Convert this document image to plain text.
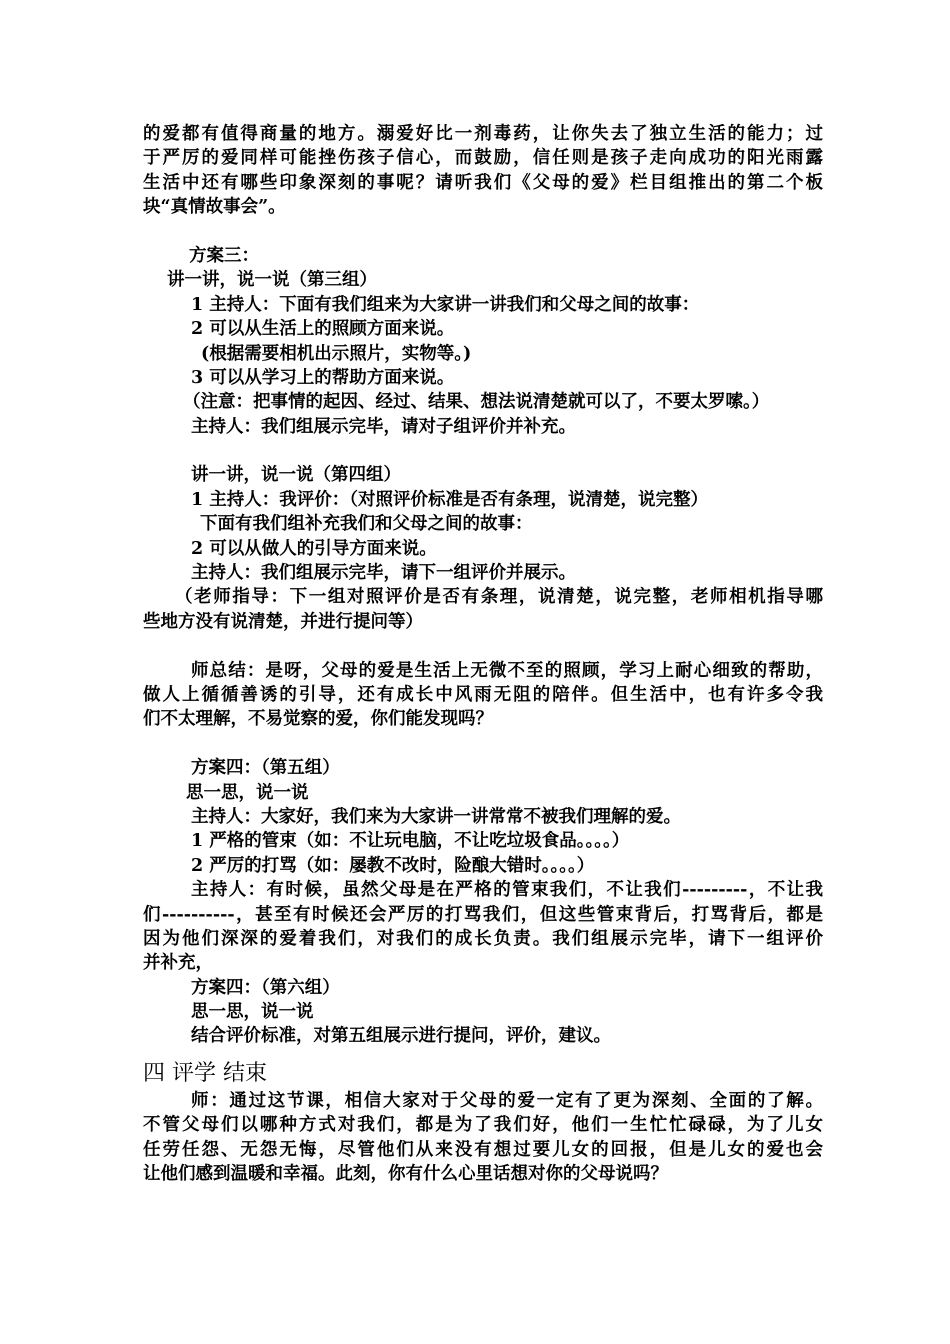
的爱都有值得商量的地方。溺爱好比一剂毒药，让你失去了独立生活的能力；过
于严厉的爱同样可能挫伤孩子信心，而鼓励，信任则是孩子走向成功的阳光雨露
生活中还有哪些印象深刻的事呢？请听我们《父母的爱》栏目组推出的第二个板
块“真情故事会”。
方案三：
讲一讲，说一说（第三组）
1 主持人：下面有我们组来为大家讲一讲我们和父母之间的故事：
2 可以从生活上的照顾方面来说。
(根据需要相机出示照片，实物等。)
3 可以从学习上的帮助方面来说。
（注意：把事情的起因、经过、结果、想法说清楚就可以了，不要太罗嗦。）
主持人：我们组展示完毕，请对子组评价并补充。
讲一讲，说一说（第四组）
1 主持人：我评价：（对照评价标准是否有条理，说清楚，说完整）
下面有我们组补充我们和父母之间的故事：
2 可以从做人的引导方面来说。
主持人：我们组展示完毕，请下一组评价并展示。
（老师指导：下一组对照评价是否有条理，说清楚，说完整，老师相机指导哪
些地方没有说清楚，并进行提问等）
师总结：是呀，父母的爱是生活上无微不至的照顾，学习上耐心细致的帮助，
做人上循循善诱的引导，还有成长中风雨无阻的陪伴。但生活中，也有许多令我
们不太理解，不易觉察的爱，你们能发现吗？
方案四：（第五组）
思一思，说一说
主持人：大家好，我们来为大家讲一讲常常不被我们理解的爱。
1 严格的管束（如：不让玩电脑，不让吃垃圾食品。。。。）
2 严厉的打骂（如：屡教不改时，险酿大错时。。。。）
主持人：有时候，虽然父母是在严格的管束我们，不让我们---------，不让我
们----------，甚至有时候还会严厉的打骂我们，但这些管束背后，打骂背后，都是
因为他们深深的爱着我们，对我们的成长负责。我们组展示完毕，请下一组评价
并补充，
方案四：（第六组）
思一思，说一说
结合评价标准，对第五组展示进行提问，评价，建议。
四 评学 结束
师：通过这节课，相信大家对于父母的爱一定有了更为深刻、全面的了解。
不管父母们以哪种方式对我们，都是为了我们好，他们一生忙忙碌碌，为了儿女
任劳任怨、无怨无悔，尽管他们从来没有想过要儿女的回报，但是儿女的爱也会
让他们感到温暖和幸福。此刻，你有什么心里话想对你的父母说吗？
